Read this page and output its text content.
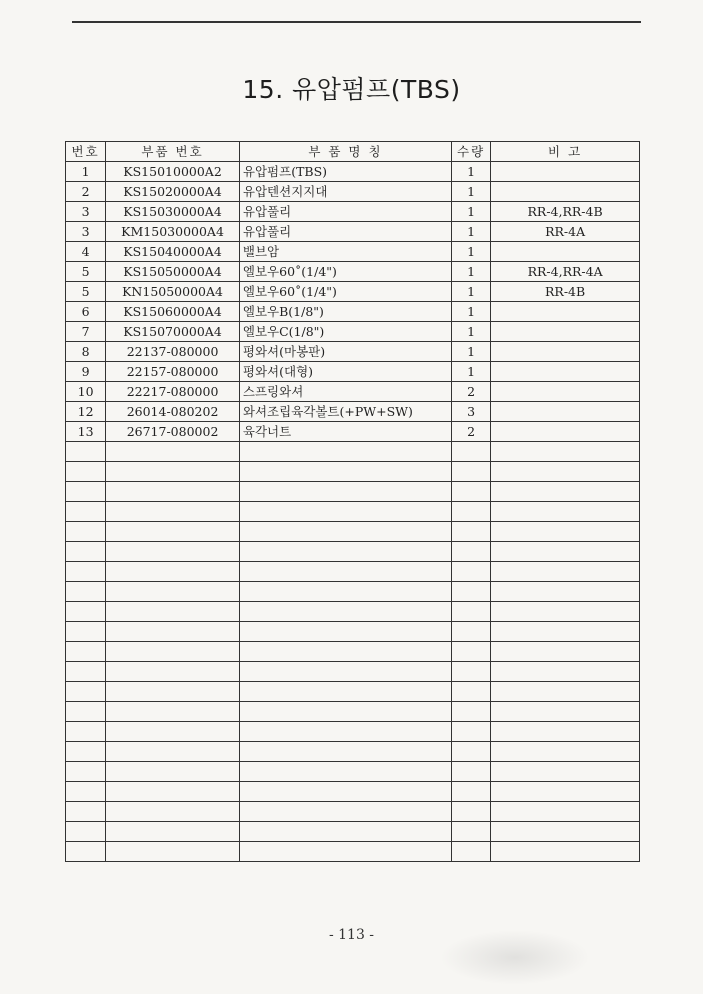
15. 유압펌프(TBS)
번호	부품 번호	부 품 명 칭	수량	비 고
1	KS15010000A2	유압펌프(TBS)	1	
2	KS15020000A4	유압텐션지지대	1	
3	KS15030000A4	유압풀리	1	RR-4,RR-4B
3	KM15030000A4	유압풀리	1	RR-4A
4	KS15040000A4	밸브암	1	
5	KS15050000A4	엘보우60˚(1/4")	1	RR-4,RR-4A
5	KN15050000A4	엘보우60˚(1/4")	1	RR-4B
6	KS15060000A4	엘보우B(1/8")	1	
7	KS15070000A4	엘보우C(1/8")	1	
8	22137-080000	평와셔(마봉판)	1	
9	22157-080000	평와셔(대형)	1	
10	22217-080000	스프링와셔	2	
12	26014-080202	와셔조립육각볼트(+PW+SW)	3	
13	26717-080002	육각너트	2	

- 113 -
